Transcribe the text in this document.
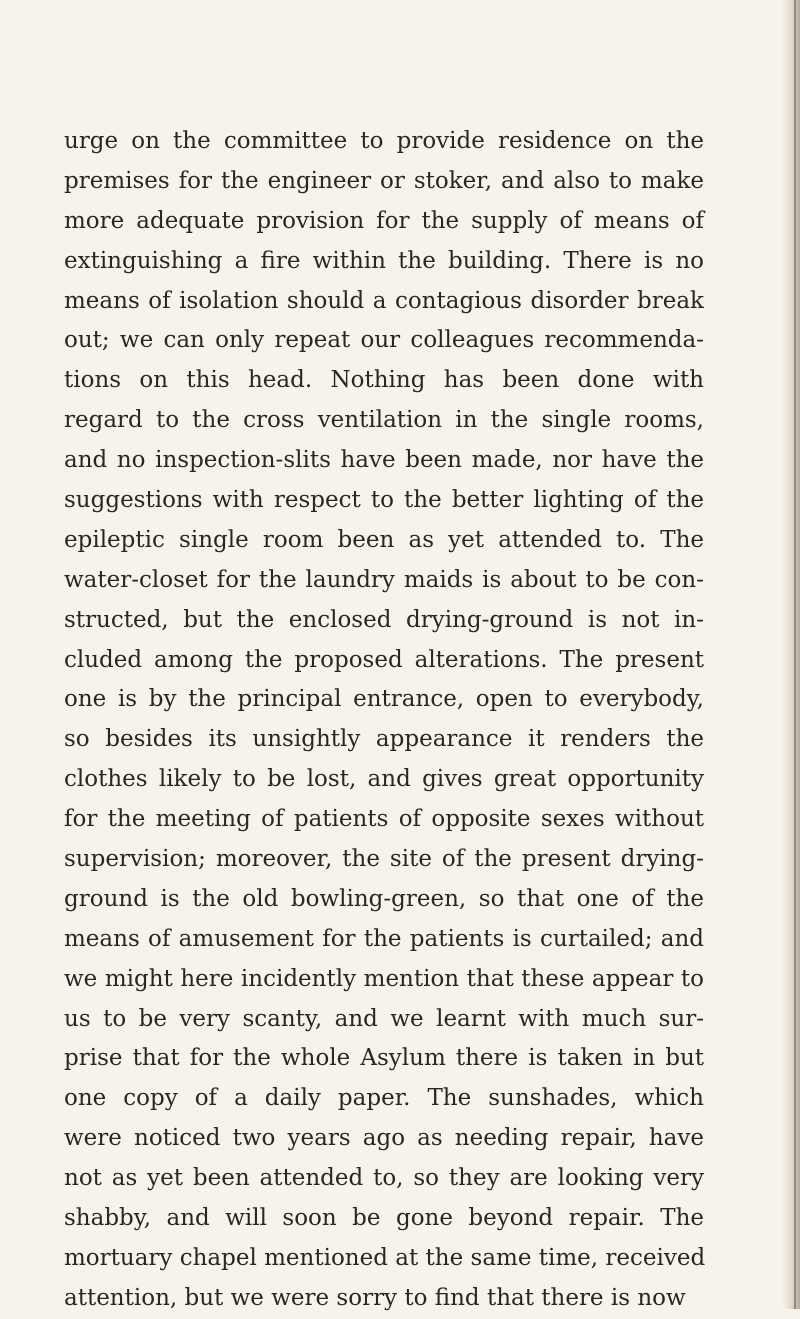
urge on the committee to provide residence on the
premises for the engineer or stoker, and also to make
more adequate provision for the supply of means of
extinguishing a fire within the building. There is no
means of isolation should a contagious disorder break
out; we can only repeat our colleagues recommenda-
tions on this head. Nothing has been done with
regard to the cross ventilation in the single rooms,
and no inspection-slits have been made, nor have the
suggestions with respect to the better lighting of the
epileptic single room been as yet attended to. The
water-closet for the laundry maids is about to be con-
structed, but the enclosed drying-ground is not in-
cluded among the proposed alterations. The present
one is by the principal entrance, open to everybody,
so besides its unsightly appearance it renders the
clothes likely to be lost, and gives great opportunity
for the meeting of patients of opposite sexes without
supervision; moreover, the site of the present drying-
ground is the old bowling-green, so that one of the
means of amusement for the patients is curtailed; and
we might here incidently mention that these appear to
us to be very scanty, and we learnt with much sur-
prise that for the whole Asylum there is taken in but
one copy of a daily paper. The sunshades, which
were noticed two years ago as needing repair, have
not as yet been attended to, so they are looking very
shabby, and will soon be gone beyond repair. The
mortuary chapel mentioned at the same time, received
attention, but we were sorry to find that there is now
